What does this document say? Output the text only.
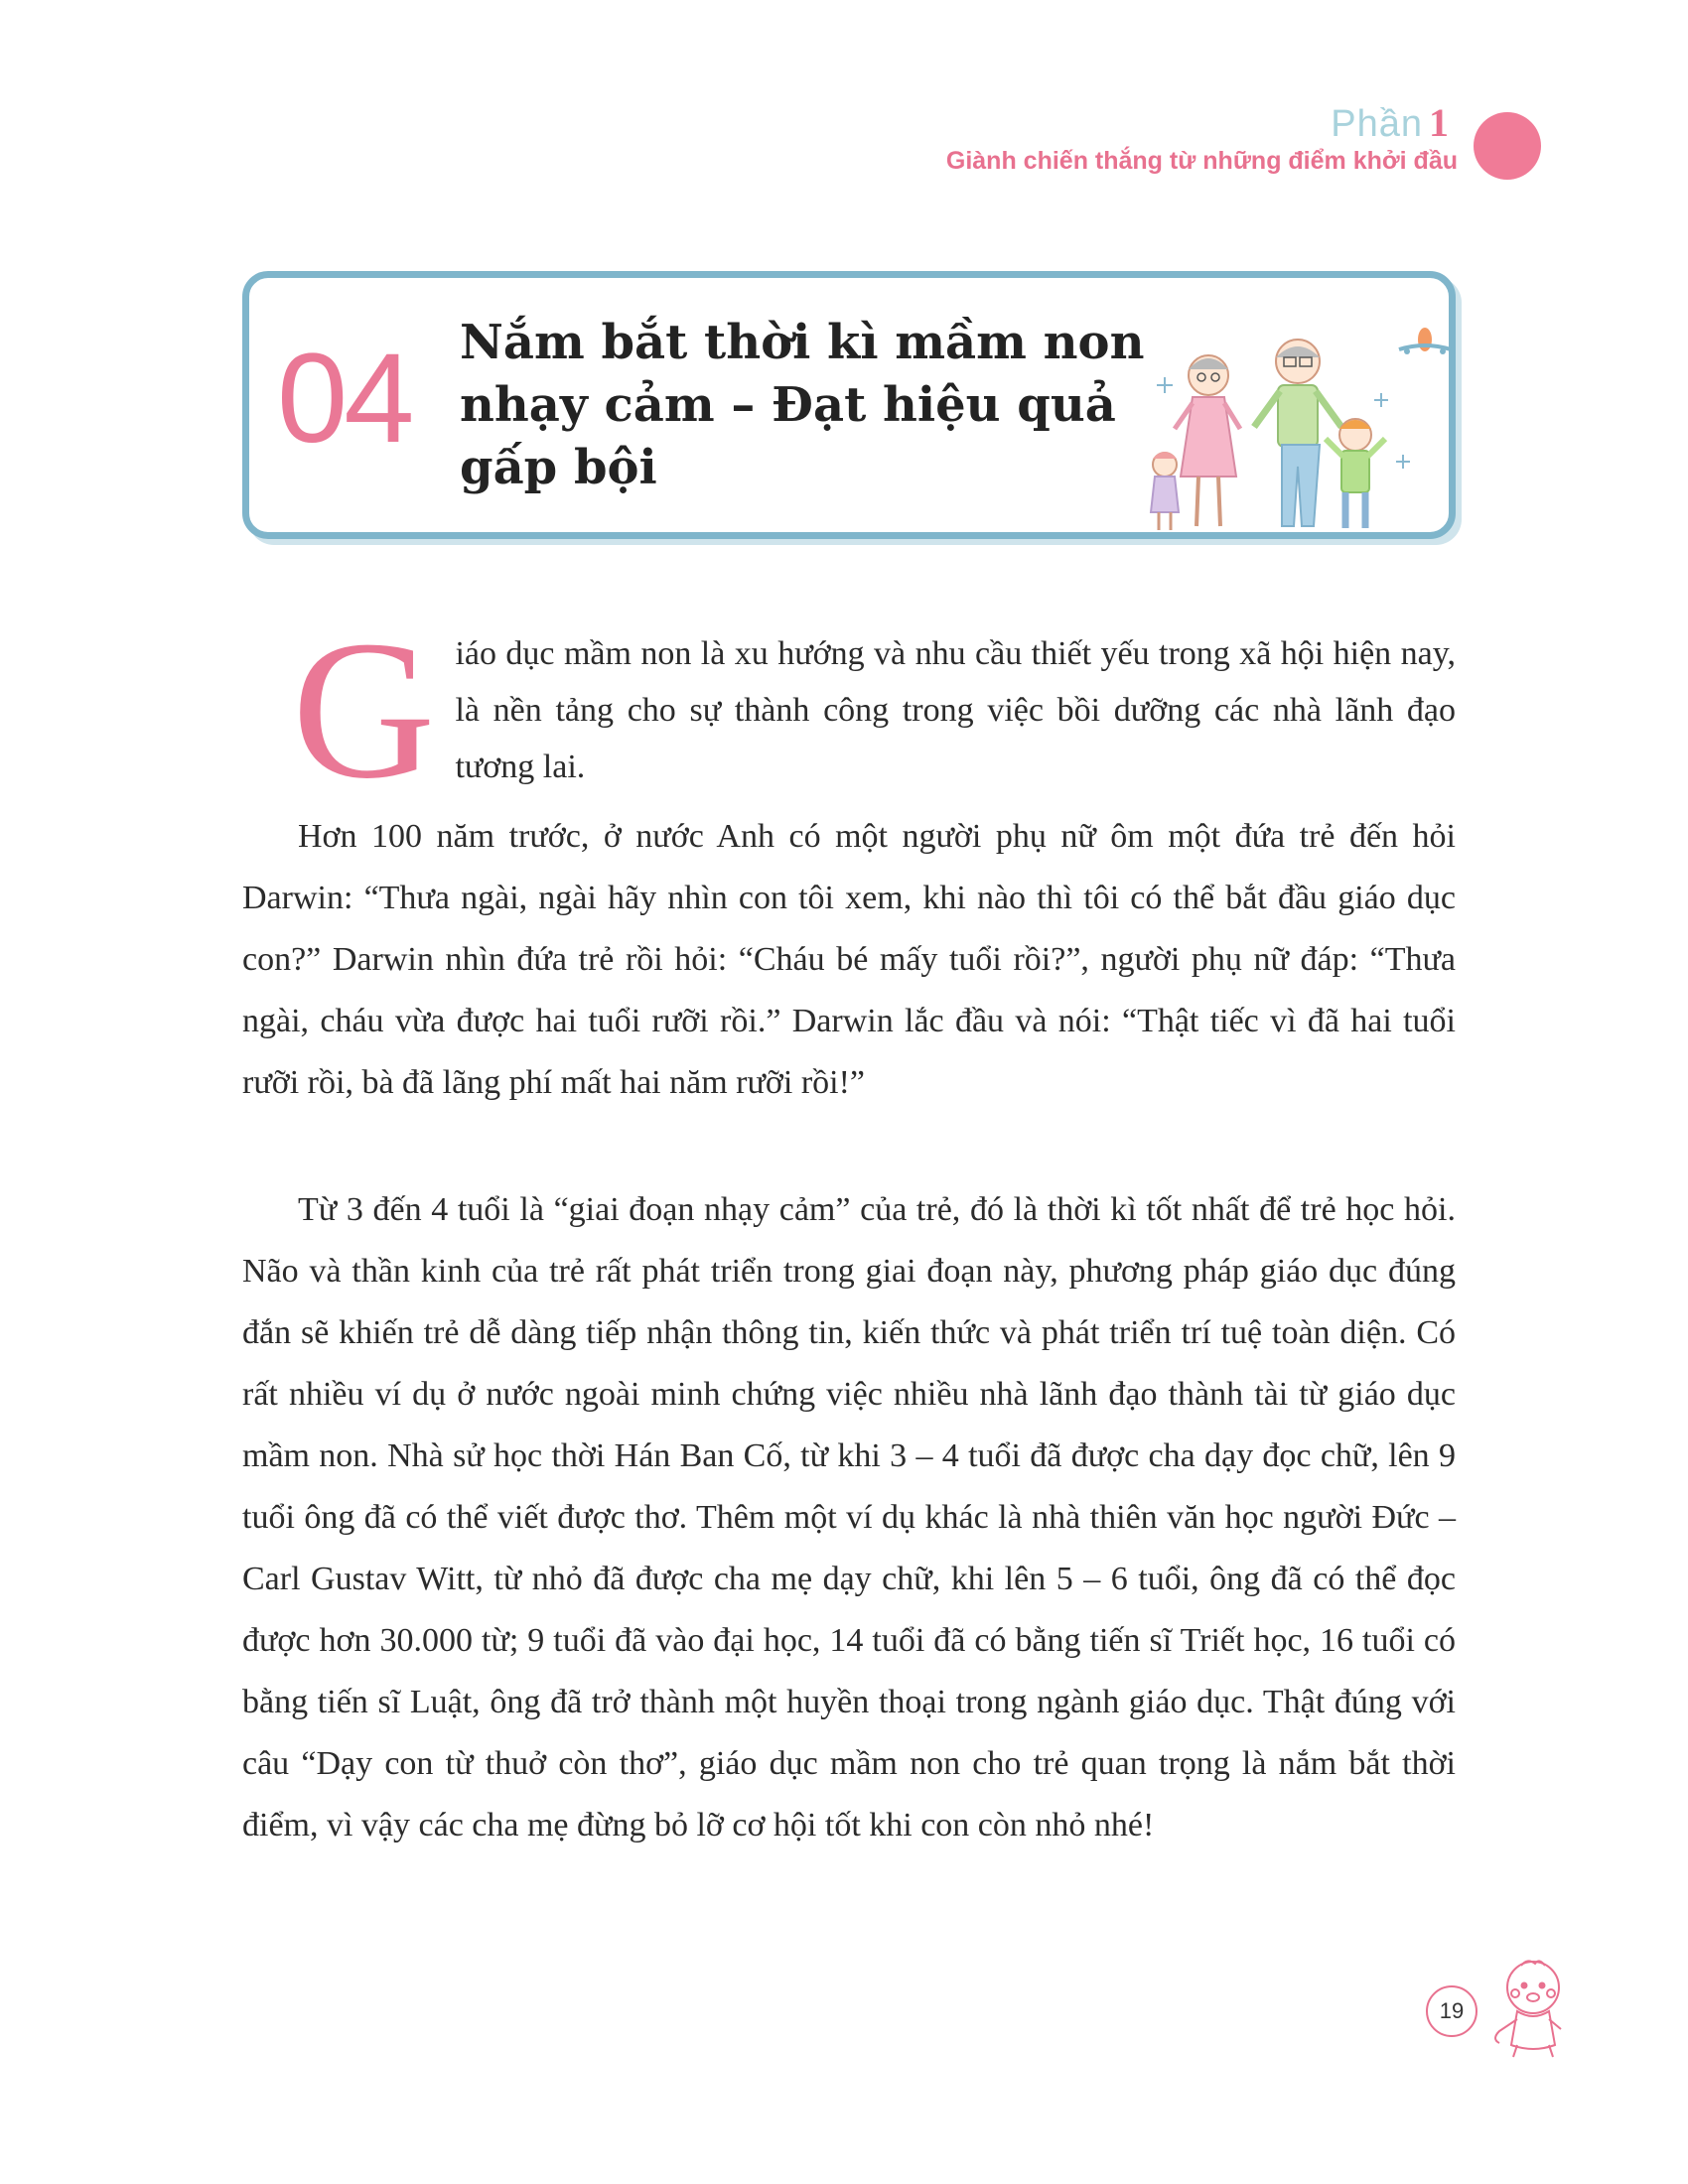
Phần 1
Giành chiến thắng từ những điểm khởi đầu
04 Nắm bắt thời kì mầm non nhạy cảm – Đạt hiệu quả gấp bội
G iáo dục mầm non là xu hướng và nhu cầu thiết yếu trong xã hội hiện nay, là nền tảng cho sự thành công trong việc bồi dưỡng các nhà lãnh đạo tương lai.
Hơn 100 năm trước, ở nước Anh có một người phụ nữ ôm một đứa trẻ đến hỏi Darwin: “Thưa ngài, ngài hãy nhìn con tôi xem, khi nào thì tôi có thể bắt đầu giáo dục con?” Darwin nhìn đứa trẻ rồi hỏi: “Cháu bé mấy tuổi rồi?”, người phụ nữ đáp: “Thưa ngài, cháu vừa được hai tuổi rưỡi rồi.” Darwin lắc đầu và nói: “Thật tiếc vì đã hai tuổi rưỡi rồi, bà đã lãng phí mất hai năm rưỡi rồi!”
Từ 3 đến 4 tuổi là “giai đoạn nhạy cảm” của trẻ, đó là thời kì tốt nhất để trẻ học hỏi. Não và thần kinh của trẻ rất phát triển trong giai đoạn này, phương pháp giáo dục đúng đắn sẽ khiến trẻ dễ dàng tiếp nhận thông tin, kiến thức và phát triển trí tuệ toàn diện. Có rất nhiều ví dụ ở nước ngoài minh chứng việc nhiều nhà lãnh đạo thành tài từ giáo dục mầm non. Nhà sử học thời Hán Ban Cố, từ khi 3 – 4 tuổi đã được cha dạy đọc chữ, lên 9 tuổi ông đã có thể viết được thơ. Thêm một ví dụ khác là nhà thiên văn học người Đức – Carl Gustav Witt, từ nhỏ đã được cha mẹ dạy chữ, khi lên 5 – 6 tuổi, ông đã có thể đọc được hơn 30.000 từ; 9 tuổi đã vào đại học, 14 tuổi đã có bằng tiến sĩ Triết học, 16 tuổi có bằng tiến sĩ Luật, ông đã trở thành một huyền thoại trong ngành giáo dục. Thật đúng với câu “Dạy con từ thuở còn thơ”, giáo dục mầm non cho trẻ quan trọng là nắm bắt thời điểm, vì vậy các cha mẹ đừng bỏ lỡ cơ hội tốt khi con còn nhỏ nhé!
19
